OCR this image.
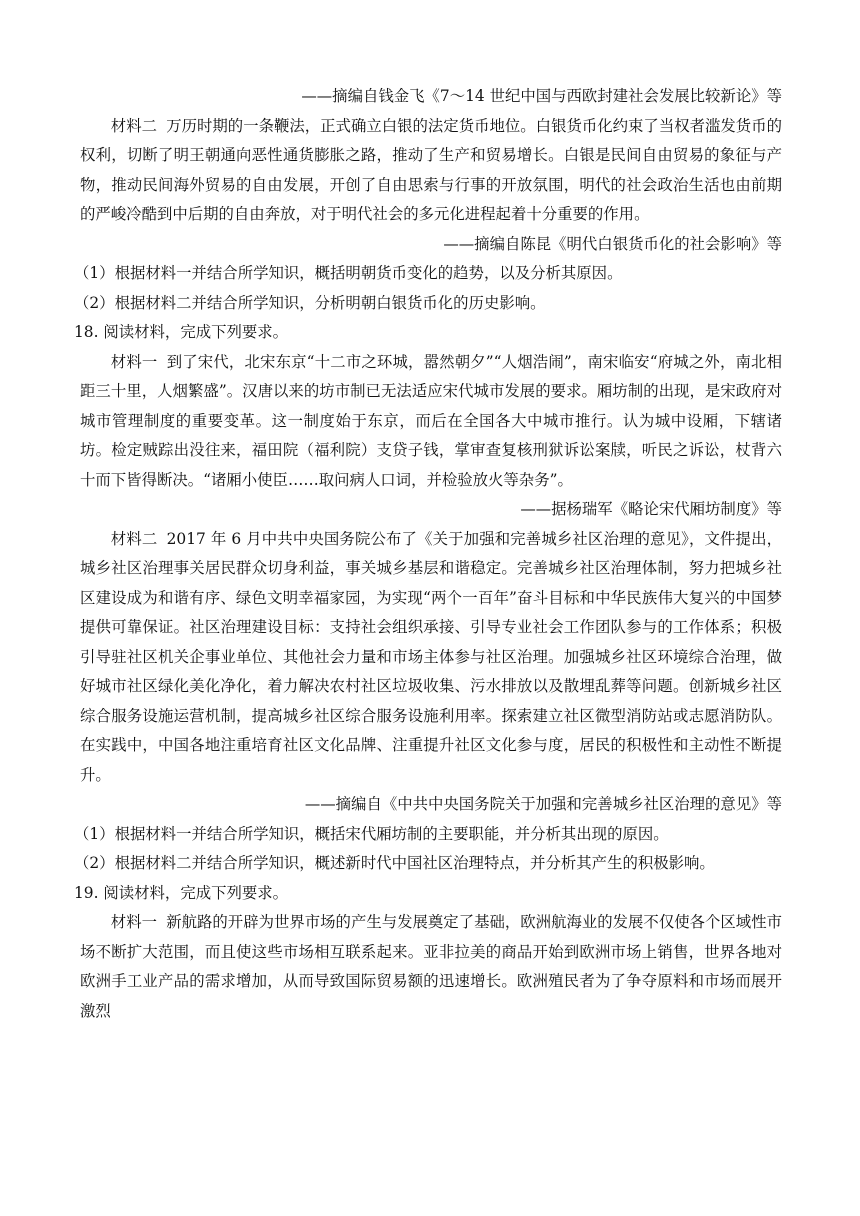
——摘编自钱金飞《7～14 世纪中国与西欧封建社会发展比较新论》等

材料二 万历时期的一条鞭法，正式确立白银的法定货币地位。白银货币化约束了当权者滥发货币的权利，切断了明王朝通向恶性通货膨胀之路，推动了生产和贸易增长。白银是民间自由贸易的象征与产物，推动民间海外贸易的自由发展，开创了自由思索与行事的开放氛围，明代的社会政治生活也由前期的严峻冷酷到中后期的自由奔放，对于明代社会的多元化进程起着十分重要的作用。

——摘编自陈昆《明代白银货币化的社会影响》等

（1）根据材料一并结合所学知识，概括明朝货币变化的趋势，以及分析其原因。

（2）根据材料二并结合所学知识，分析明朝白银货币化的历史影响。

18. 阅读材料，完成下列要求。

材料一 到了宋代，北宋东京“十二市之环城，嚣然朝夕”“人烟浩闹”，南宋临安“府城之外，南北相距三十里，人烟繁盛”。汉唐以来的坊市制已无法适应宋代城市发展的要求。厢坊制的出现，是宋政府对城市管理制度的重要变革。这一制度始于东京，而后在全国各大中城市推行。认为城中设厢，下辖诸坊。检定贼踪出没往来，福田院（福利院）支贷子钱，掌审查复核刑狱诉讼案牍，听民之诉讼，杖背六十而下皆得断决。“诸厢小使臣……取问病人口词，并检验放火等杂务”。

——据杨瑞军《略论宋代厢坊制度》等

材料二 2017 年 6 月中共中央国务院公布了《关于加强和完善城乡社区治理的意见》，文件提出，城乡社区治理事关居民群众切身利益，事关城乡基层和谐稳定。完善城乡社区治理体制，努力把城乡社区建设成为和谐有序、绿色文明幸福家园，为实现“两个一百年”奋斗目标和中华民族伟大复兴的中国梦提供可靠保证。社区治理建设目标：支持社会组织承接、引导专业社会工作团队参与的工作体系；积极引导驻社区机关企事业单位、其他社会力量和市场主体参与社区治理。加强城乡社区环境综合治理，做好城市社区绿化美化净化，着力解决农村社区垃圾收集、污水排放以及散埋乱葬等问题。创新城乡社区综合服务设施运营机制，提高城乡社区综合服务设施利用率。探索建立社区微型消防站或志愿消防队。在实践中，中国各地注重培育社区文化品牌、注重提升社区文化参与度，居民的积极性和主动性不断提升。

——摘编自《中共中央国务院关于加强和完善城乡社区治理的意见》等

（1）根据材料一并结合所学知识，概括宋代厢坊制的主要职能，并分析其出现的原因。

（2）根据材料二并结合所学知识，概述新时代中国社区治理特点，并分析其产生的积极影响。

19. 阅读材料，完成下列要求。

材料一 新航路的开辟为世界市场的产生与发展奠定了基础，欧洲航海业的发展不仅使各个区域性市场不断扩大范围，而且使这些市场相互联系起来。亚非拉美的商品开始到欧洲市场上销售，世界各地对欧洲手工业产品的需求增加，从而导致国际贸易额的迅速增长。欧洲殖民者为了争夺原料和市场而展开激烈
